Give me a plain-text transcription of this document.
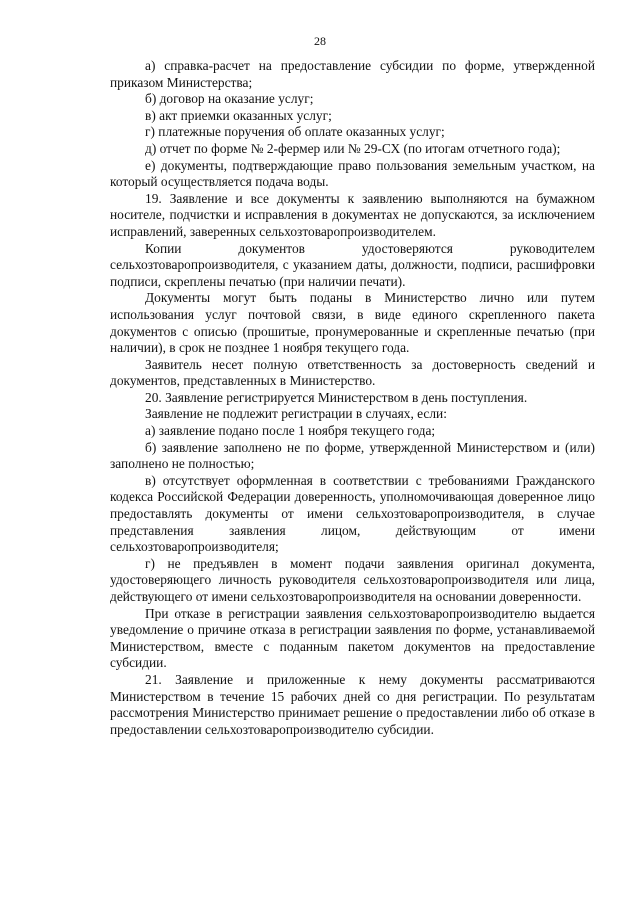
28

а) справка-расчет на предоставление субсидии по форме, утвержденной приказом Министерства;

б) договор на оказание услуг;

в) акт приемки оказанных услуг;

г) платежные поручения об оплате оказанных услуг;

д) отчет по форме № 2-фермер или № 29-СХ (по итогам отчетного года);

е) документы, подтверждающие право пользования земельным участком, на который осуществляется подача воды.

19. Заявление и все документы к заявлению выполняются на бумажном носителе, подчистки и исправления в документах не допускаются, за исключением исправлений, заверенных сельхозтоваропроизводителем.

Копии документов удостоверяются руководителем сельхозтоваропроизводителя, с указанием даты, должности, подписи, расшифровки подписи, скреплены печатью (при наличии печати).

Документы могут быть поданы в Министерство лично или путем использования услуг почтовой связи, в виде единого скрепленного пакета документов с описью (прошитые, пронумерованные и скрепленные печатью (при наличии), в срок не позднее 1 ноября текущего года.

Заявитель несет полную ответственность за достоверность сведений и документов, представленных в Министерство.

20. Заявление регистрируется Министерством в день поступления.

Заявление не подлежит регистрации в случаях, если:

а) заявление подано после 1 ноября текущего года;

б) заявление заполнено не по форме, утвержденной Министерством и (или) заполнено не полностью;

в) отсутствует оформленная в соответствии с требованиями Гражданского кодекса Российской Федерации доверенность, уполномочивающая доверенное лицо предоставлять документы от имени сельхозтоваропроизводителя, в случае представления заявления лицом, действующим от имени сельхозтоваропроизводителя;

г) не предъявлен в момент подачи заявления оригинал документа, удостоверяющего личность руководителя сельхозтоваропроизводителя или лица, действующего от имени сельхозтоваропроизводителя на основании доверенности.

При отказе в регистрации заявления сельхозтоваропроизводителю выдается уведомление о причине отказа в регистрации заявления по форме, устанавливаемой Министерством, вместе с поданным пакетом документов на предоставление субсидии.

21. Заявление и приложенные к нему документы рассматриваются Министерством в течение 15 рабочих дней со дня регистрации. По результатам рассмотрения Министерство принимает решение о предоставлении либо об отказе в предоставлении сельхозтоваропроизводителю субсидии.
